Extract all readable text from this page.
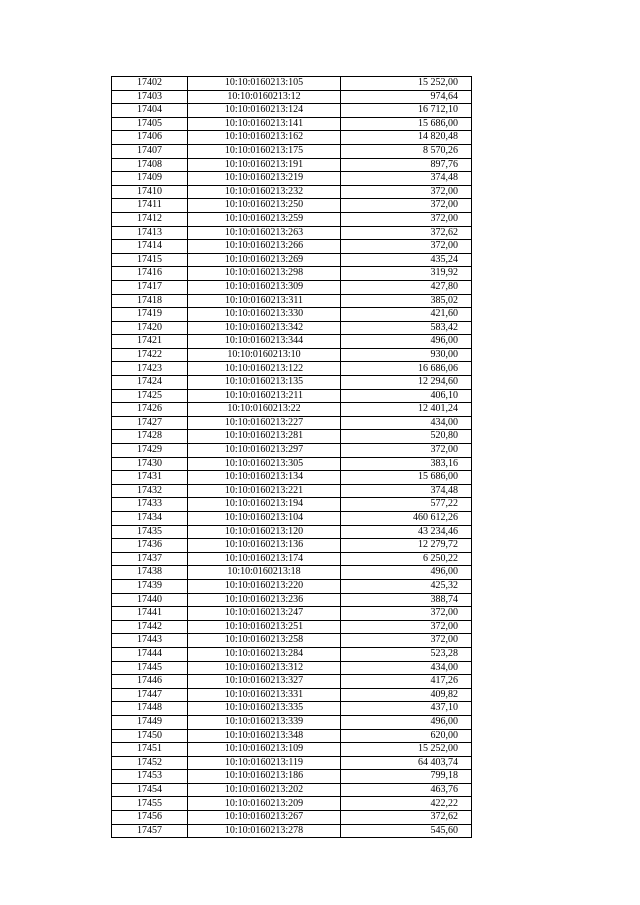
17402	10:10:0160213:105	15 252,00
17403	10:10:0160213:12	974,64
17404	10:10:0160213:124	16 712,10
17405	10:10:0160213:141	15 686,00
17406	10:10:0160213:162	14 820,48
17407	10:10:0160213:175	8 570,26
17408	10:10:0160213:191	897,76
17409	10:10:0160213:219	374,48
17410	10:10:0160213:232	372,00
17411	10:10:0160213:250	372,00
17412	10:10:0160213:259	372,00
17413	10:10:0160213:263	372,62
17414	10:10:0160213:266	372,00
17415	10:10:0160213:269	435,24
17416	10:10:0160213:298	319,92
17417	10:10:0160213:309	427,80
17418	10:10:0160213:311	385,02
17419	10:10:0160213:330	421,60
17420	10:10:0160213:342	583,42
17421	10:10:0160213:344	496,00
17422	10:10:0160213:10	930,00
17423	10:10:0160213:122	16 686,06
17424	10:10:0160213:135	12 294,60
17425	10:10:0160213:211	406,10
17426	10:10:0160213:22	12 401,24
17427	10:10:0160213:227	434,00
17428	10:10:0160213:281	520,80
17429	10:10:0160213:297	372,00
17430	10:10:0160213:305	383,16
17431	10:10:0160213:134	15 686,00
17432	10:10:0160213:221	374,48
17433	10:10:0160213:194	577,22
17434	10:10:0160213:104	460 612,26
17435	10:10:0160213:120	43 234,46
17436	10:10:0160213:136	12 279,72
17437	10:10:0160213:174	6 250,22
17438	10:10:0160213:18	496,00
17439	10:10:0160213:220	425,32
17440	10:10:0160213:236	388,74
17441	10:10:0160213:247	372,00
17442	10:10:0160213:251	372,00
17443	10:10:0160213:258	372,00
17444	10:10:0160213:284	523,28
17445	10:10:0160213:312	434,00
17446	10:10:0160213:327	417,26
17447	10:10:0160213:331	409,82
17448	10:10:0160213:335	437,10
17449	10:10:0160213:339	496,00
17450	10:10:0160213:348	620,00
17451	10:10:0160213:109	15 252,00
17452	10:10:0160213:119	64 403,74
17453	10:10:0160213:186	799,18
17454	10:10:0160213:202	463,76
17455	10:10:0160213:209	422,22
17456	10:10:0160213:267	372,62
17457	10:10:0160213:278	545,60
